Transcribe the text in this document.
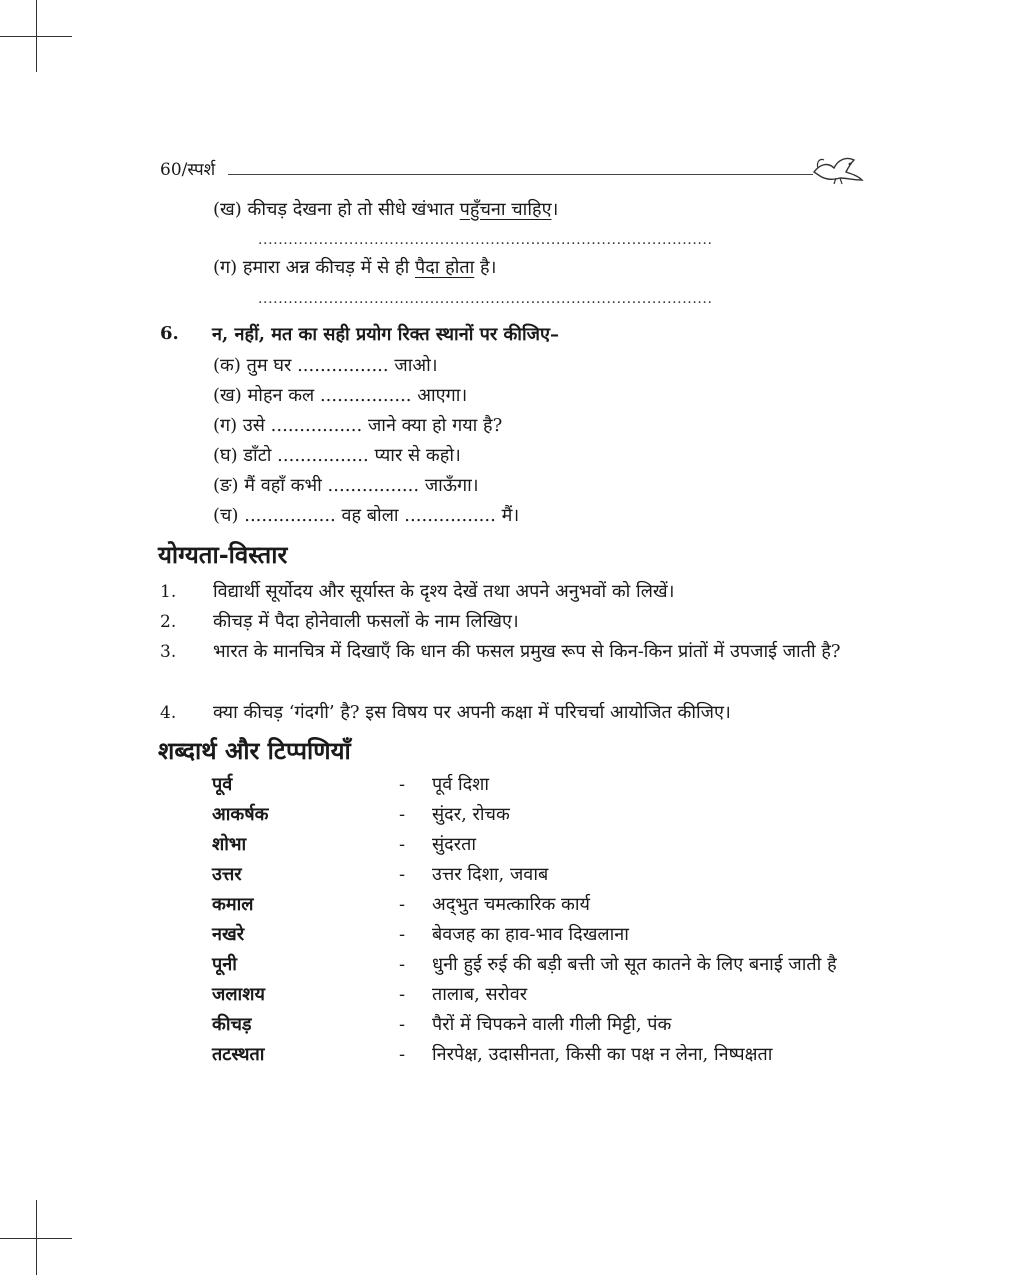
60/स्पर्श
(ख) कीचड़ देखना हो तो सीधे खंभात पहुँचना चाहिए।
..........................................................................................
(ग) हमारा अन्न कीचड़ में से ही पैदा होता है।
..........................................................................................
6. न, नहीं, मत का सही प्रयोग रिक्त स्थानों पर कीजिए–
(क) तुम घर ................ जाओ।
(ख) मोहन कल ................ आएगा।
(ग) उसे ................ जाने क्या हो गया है?
(घ) डाँटो ................ प्यार से कहो।
(ङ) मैं वहाँ कभी ................ जाऊँगा।
(च) ................ वह बोला ................ मैं।
योग्यता-विस्तार
1. विद्यार्थी सूर्योदय और सूर्यास्त के दृश्य देखें तथा अपने अनुभवों को लिखें।
2. कीचड़ में पैदा होनेवाली फसलों के नाम लिखिए।
3. भारत के मानचित्र में दिखाएँ कि धान की फसल प्रमुख रूप से किन-किन प्रांतों में उपजाई जाती है?
4. क्या कीचड़ ‘गंदगी’ है? इस विषय पर अपनी कक्षा में परिचर्चा आयोजित कीजिए।
शब्दार्थ और टिप्पणियाँ
पूर्व	-	पूर्व दिशा
आकर्षक	-	सुंदर, रोचक
शोभा	-	सुंदरता
उत्तर	-	उत्तर दिशा, जवाब
कमाल	-	अद्‌भुत चमत्कारिक कार्य
नखरे	-	बेवजह का हाव-भाव दिखलाना
पूनी	-	धुनी हुई रुई की बड़ी बत्ती जो सूत कातने के लिए बनाई जाती है
जलाशय	-	तालाब, सरोवर
कीचड़	-	पैरों में चिपकने वाली गीली मिट्टी, पंक
तटस्थता	-	निरपेक्ष, उदासीनता, किसी का पक्ष न लेना, निष्पक्षता
